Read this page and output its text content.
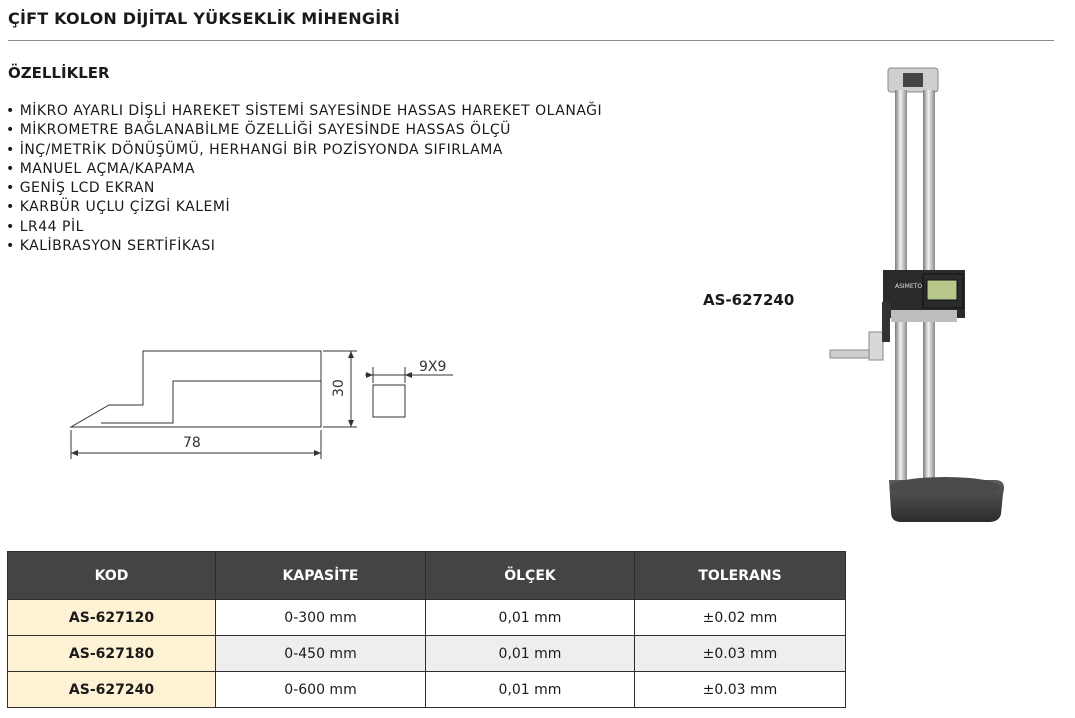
ÇİFT KOLON DİJİTAL YÜKSEKLİK MİHENGİRİ
ÖZELLİKLER
• MİKRO AYARLI DİŞLİ HAREKET SİSTEMİ SAYESİNDE HASSAS HAREKET OLANAĞI
• MİKROMETRE BAĞLANABİLME ÖZELLİĞİ SAYESİNDE HASSAS ÖLÇÜ
• İNÇ/METRİK DÖNÜŞÜMÜ, HERHANGİ BİR POZİSYONDA SIFIRLAMA
• MANUEL AÇMA/KAPAMA
• GENİŞ LCD EKRAN
• KARBÜR UÇLU ÇİZGİ KALEMİ
• LR44 PİL
• KALİBRASYON SERTİFİKASI
AS-627240
78
30
9X9
ASIMETO
KOD	KAPASİTE	ÖLÇEK	TOLERANS
AS-627120	0-300 mm	0,01 mm	±0.02 mm
AS-627180	0-450 mm	0,01 mm	±0.03 mm
AS-627240	0-600 mm	0,01 mm	±0.03 mm
